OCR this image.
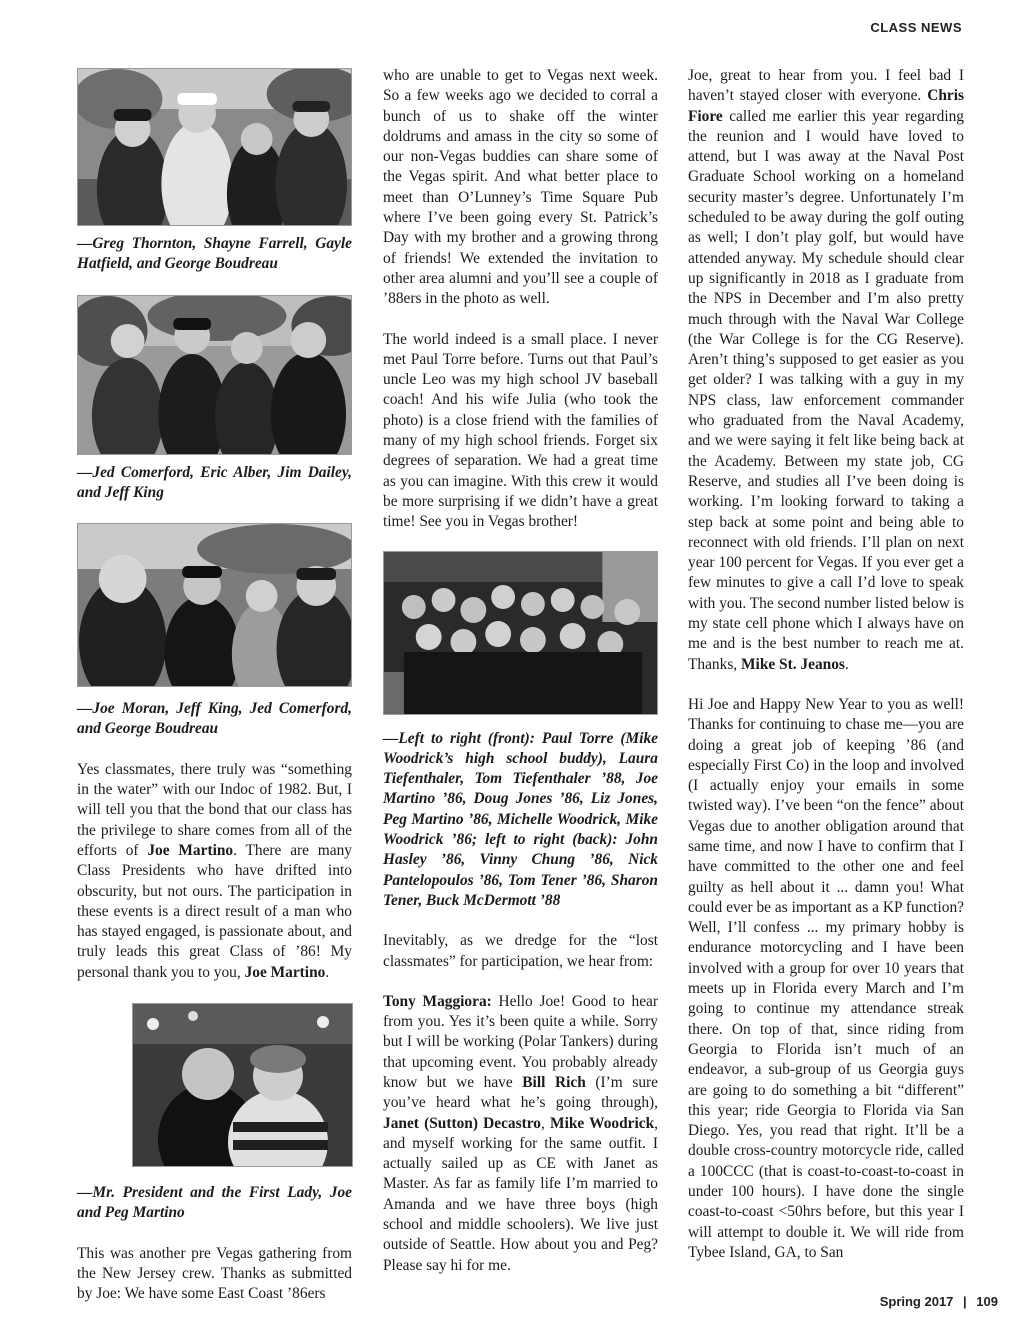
CLASS NEWS

—Greg Thornton, Shayne Farrell, Gayle Hatfield, and George Boudreau

—Jed Comerford, Eric Alber, Jim Dailey, and Jeff King

—Joe Moran, Jeff King, Jed Comerford, and George Boudreau

Yes classmates, there truly was “something in the water” with our Indoc of 1982. But, I will tell you that the bond that our class has the privilege to share comes from all of the efforts of Joe Martino. There are many Class Presidents who have drifted into obscurity, but not ours. The participation in these events is a direct result of a man who has stayed engaged, is passionate about, and truly leads this great Class of ’86! My personal thank you to you, Joe Martino.

—Mr. President and the First Lady, Joe and Peg Martino

This was another pre Vegas gathering from the New Jersey crew. Thanks as submitted by Joe: We have some East Coast ’86ers

who are unable to get to Vegas next week. So a few weeks ago we decided to corral a bunch of us to shake off the winter doldrums and amass in the city so some of our non-Vegas buddies can share some of the Vegas spirit. And what better place to meet than O’Lunney’s Time Square Pub where I’ve been going every St. Patrick’s Day with my brother and a growing throng of friends! We extended the invitation to other area alumni and you’ll see a couple of ’88ers in the photo as well.

The world indeed is a small place. I never met Paul Torre before. Turns out that Paul’s uncle Leo was my high school JV baseball coach! And his wife Julia (who took the photo) is a close friend with the families of many of my high school friends. Forget six degrees of separation. We had a great time as you can imagine. With this crew it would be more surprising if we didn’t have a great time! See you in Vegas brother!

—Left to right (front): Paul Torre (Mike Woodrick’s high school buddy), Laura Tiefenthaler, Tom Tiefenthaler ’88, Joe Martino ’86, Doug Jones ’86, Liz Jones, Peg Martino ’86, Michelle Woodrick, Mike Woodrick ’86; left to right (back): John Hasley ’86, Vinny Chung ’86, Nick Pantelopoulos ’86, Tom Tener ’86, Sharon Tener, Buck McDermott ’88

Inevitably, as we dredge for the “lost classmates” for participation, we hear from:

Tony Maggiora: Hello Joe! Good to hear from you. Yes it’s been quite a while. Sorry but I will be working (Polar Tankers) during that upcoming event. You probably already know but we have Bill Rich (I’m sure you’ve heard what he’s going through), Janet (Sutton) Decastro, Mike Woodrick, and myself working for the same outfit. I actually sailed up as CE with Janet as Master. As far as family life I’m married to Amanda and we have three boys (high school and middle schoolers). We live just outside of Seattle. How about you and Peg? Please say hi for me.

Joe, great to hear from you. I feel bad I haven’t stayed closer with everyone. Chris Fiore called me earlier this year regarding the reunion and I would have loved to attend, but I was away at the Naval Post Graduate School working on a homeland security master’s degree. Unfortunately I’m scheduled to be away during the golf outing as well; I don’t play golf, but would have attended anyway. My schedule should clear up significantly in 2018 as I graduate from the NPS in December and I’m also pretty much through with the Naval War College (the War College is for the CG Reserve). Aren’t thing’s supposed to get easier as you get older? I was talking with a guy in my NPS class, law enforcement commander who graduated from the Naval Academy, and we were saying it felt like being back at the Academy. Between my state job, CG Reserve, and studies all I’ve been doing is working. I’m looking forward to taking a step back at some point and being able to reconnect with old friends. I’ll plan on next year 100 percent for Vegas. If you ever get a few minutes to give a call I’d love to speak with you. The second number listed below is my state cell phone which I always have on me and is the best number to reach me at. Thanks, Mike St. Jeanos.

Hi Joe and Happy New Year to you as well! Thanks for continuing to chase me—you are doing a great job of keeping ’86 (and especially First Co) in the loop and involved (I actually enjoy your emails in some twisted way). I’ve been “on the fence” about Vegas due to another obligation around that same time, and now I have to confirm that I have committed to the other one and feel guilty as hell about it ... damn you! What could ever be as important as a KP function? Well, I’ll confess ... my primary hobby is endurance motorcycling and I have been involved with a group for over 10 years that meets up in Florida every March and I’m going to continue my attendance streak there. On top of that, since riding from Georgia to Florida isn’t much of an endeavor, a sub-group of us Georgia guys are going to do something a bit “different” this year; ride Georgia to Florida via San Diego. Yes, you read that right. It’ll be a double cross-country motorcycle ride, called a 100CCC (that is coast-to-coast-to-coast in under 100 hours). I have done the single coast-to-coast <50hrs before, but this year I will attempt to double it. We will ride from Tybee Island, GA, to San

Spring 2017 | 109
